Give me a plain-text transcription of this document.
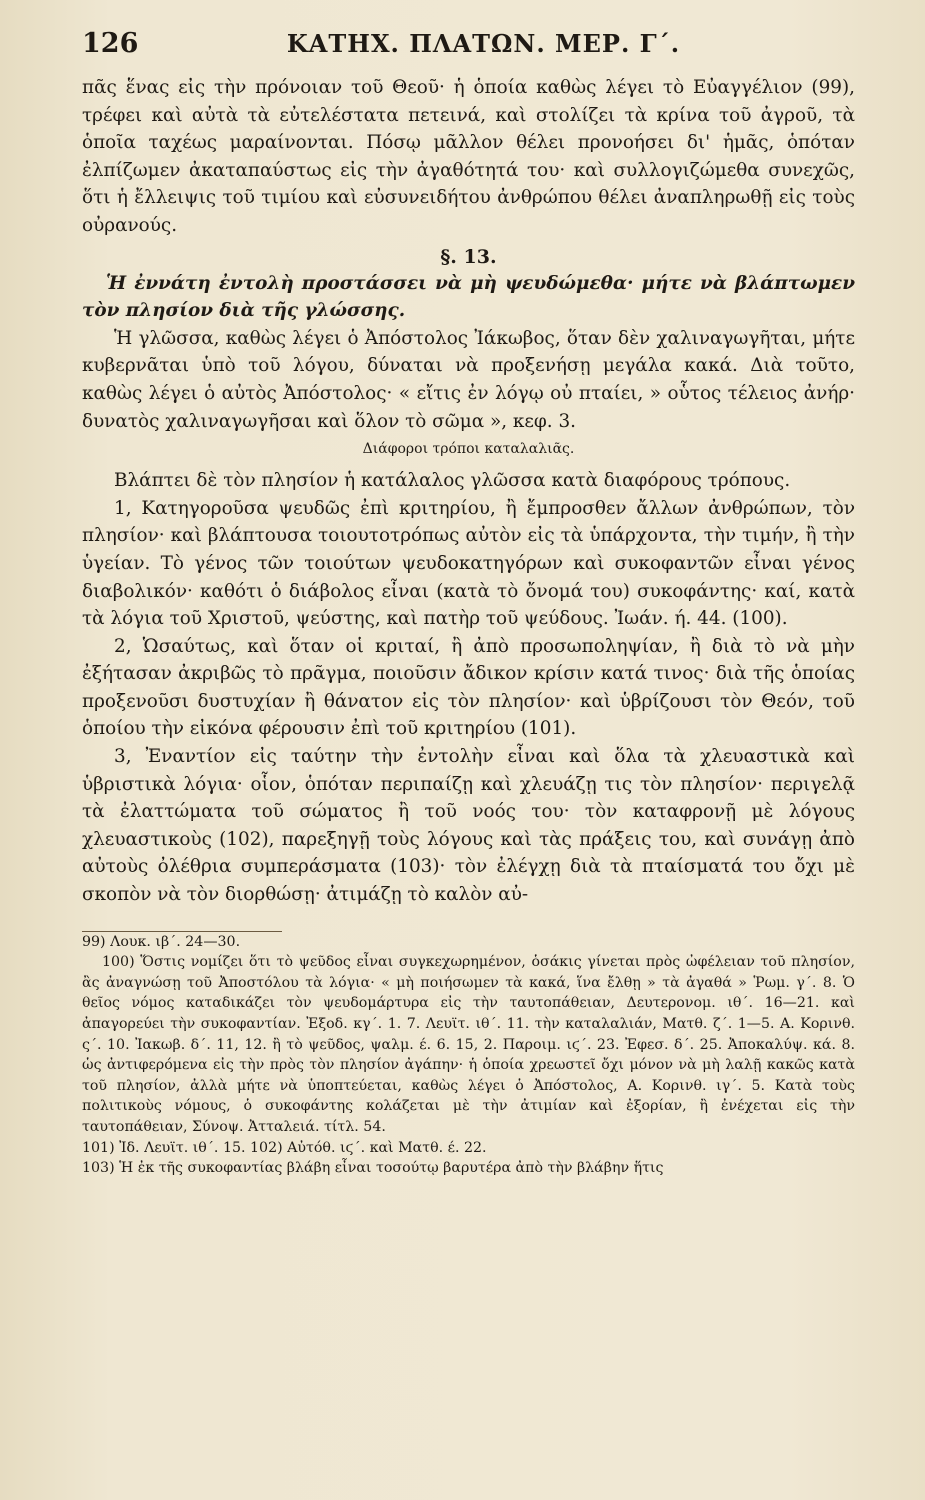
126	ΚΑΤΗΧ. ΠΛΑΤΩΝ. ΜΕΡ. Γ΄.

πᾶς ἕνας εἰς τὴν πρόνοιαν τοῦ Θεοῦ· ἡ ὁποία καθὼς λέγει τὸ Εὐαγγέλιον (99), τρέφει καὶ αὐτὰ τὰ εὐτελέστατα πετεινά, καὶ στολίζει τὰ κρίνα τοῦ ἀγροῦ, τὰ ὁποῖα ταχέως μαραίνονται. Πόσῳ μᾶλλον θέλει προνοήσει δι' ἡμᾶς, ὁπόταν ἐλπίζωμεν ἀκαταπαύστως εἰς τὴν ἀγαθότητά του· καὶ συλλογιζώμεθα συνεχῶς, ὅτι ἡ ἔλλειψις τοῦ τιμίου καὶ εὐσυνειδήτου ἀνθρώπου θέλει ἀναπληρωθῇ εἰς τοὺς οὐρανούς.

§. 13.

Ἡ ἐννάτη ἐντολὴ προστάσσει νὰ μὴ ψευδώμεθα· μήτε νὰ βλάπτωμεν τὸν πλησίον διὰ τῆς γλώσσης.

Ἡ γλῶσσα, καθὼς λέγει ὁ Ἀπόστολος Ἰάκωβος, ὅταν δὲν χαλιναγωγῆται, μήτε κυβερνᾶται ὑπὸ τοῦ λόγου, δύναται νὰ προξενήσῃ μεγάλα κακά. Διὰ τοῦτο, καθὼς λέγει ὁ αὐτὸς Ἀπόστολος· « εἴτις ἐν λόγῳ οὐ πταίει, » οὗτος τέλειος ἀνήρ· δυνατὸς χαλιναγωγῆσαι καὶ ὅλον τὸ σῶμα », κεφ. 3.

Διάφοροι τρόποι καταλαλιᾶς.

Βλάπτει δὲ τὸν πλησίον ἡ κατάλαλος γλῶσσα κατὰ διαφόρους τρόπους.

1, Κατηγοροῦσα ψευδῶς ἐπὶ κριτηρίου, ἢ ἔμπροσθεν ἄλλων ἀνθρώπων, τὸν πλησίον· καὶ βλάπτουσα τοιουτοτρόπως αὐτὸν εἰς τὰ ὑπάρχοντα, τὴν τιμήν, ἢ τὴν ὑγείαν. Τὸ γένος τῶν τοιούτων ψευδοκατηγόρων καὶ συκοφαντῶν εἶναι γένος διαβολικόν· καθότι ὁ διάβολος εἶναι (κατὰ τὸ ὄνομά του) συκοφάντης· καί, κατὰ τὰ λόγια τοῦ Χριστοῦ, ψεύστης, καὶ πατὴρ τοῦ ψεύδους. Ἰωάν. ή. 44. (100).

2, Ὡσαύτως, καὶ ὅταν οἱ κριταί, ἢ ἀπὸ προσωποληψίαν, ἢ διὰ τὸ νὰ μὴν ἐξήτασαν ἀκριβῶς τὸ πρᾶγμα, ποιοῦσιν ἄδικον κρίσιν κατά τινος· διὰ τῆς ὁποίας προξενοῦσι δυστυχίαν ἢ θάνατον εἰς τὸν πλησίον· καὶ ὑβρίζουσι τὸν Θεόν, τοῦ ὁποίου τὴν εἰκόνα φέρουσιν ἐπὶ τοῦ κριτηρίου (101).

3, Ἐναντίον εἰς ταύτην τὴν ἐντολὴν εἶναι καὶ ὅλα τὰ χλευαστικὰ καὶ ὑβριστικὰ λόγια· οἷον, ὁπόταν περιπαίζῃ καὶ χλευάζῃ τις τὸν πλησίον· περιγελᾷ τὰ ἐλαττώματα τοῦ σώματος ἢ τοῦ νοός του· τὸν καταφρονῇ μὲ λόγους χλευαστικοὺς (102), παρεξηγῇ τοὺς λόγους καὶ τὰς πράξεις του, καὶ συνάγῃ ἀπὸ αὐτοὺς ὀλέθρια συμπεράσματα (103)· τὸν ἐλέγχῃ διὰ τὰ πταίσματά του ὄχι μὲ σκοπὸν νὰ τὸν διορθώσῃ· ἀτιμάζῃ τὸ καλὸν αὐ-

99) Λουκ. ιβ΄. 24—30.

100) Ὅστις νομίζει ὅτι τὸ ψεῦδος εἶναι συγκεχωρημένον, ὁσάκις γίνεται πρὸς ὠφέλειαν τοῦ πλησίον, ἂς ἀναγνώσῃ τοῦ Ἀποστόλου τὰ λόγια· « μὴ ποιήσωμεν τὰ κακά, ἵνα ἔλθῃ » τὰ ἀγαθά » Ῥωμ. γ΄. 8. Ὁ θεῖος νόμος καταδικάζει τὸν ψευδομάρτυρα εἰς τὴν ταυτοπάθειαν, Δευτερονομ. ιθ΄. 16—21. καὶ ἀπαγορεύει τὴν συκοφαντίαν. Ἐξοδ. κγ΄. 1. 7. Λευϊτ. ιθ΄. 11. τὴν καταλαλιάν, Ματθ. ζ΄. 1—5. Α. Κορινθ. ς΄. 10. Ἰακωβ. δ΄. 11, 12. ἢ τὸ ψεῦδος, ψαλμ. έ. 6. 15, 2. Παροιμ. ιϛ΄. 23. Ἐφεσ. δ΄. 25. Ἀποκαλύψ. κά. 8. ὡς ἀντιφερόμενα εἰς τὴν πρὸς τὸν πλησίον ἀγάπην· ἡ ὁποία χρεωστεῖ ὄχι μόνον νὰ μὴ λαλῇ κακῶς κατὰ τοῦ πλησίον, ἀλλὰ μήτε νὰ ὑποπτεύεται, καθὼς λέγει ὁ Ἀπόστολος, Α. Κορινθ. ιγ΄. 5. Κατὰ τοὺς πολιτικοὺς νόμους, ὁ συκοφάντης κολάζεται μὲ τὴν ἀτιμίαν καὶ ἐξορίαν, ἢ ἐνέχεται εἰς τὴν ταυτοπάθειαν, Σύνοψ. Ἀτταλειά. τίτλ. 54.

101) Ἰδ. Λευϊτ. ιθ΄. 15. 102) Αὐτόθ. ιϛ΄. καὶ Ματθ. έ. 22.

103) Ἡ ἐκ τῆς συκοφαντίας βλάβη εἶναι τοσούτῳ βαρυτέρα ἀπὸ τὴν βλάβην ἥτις
